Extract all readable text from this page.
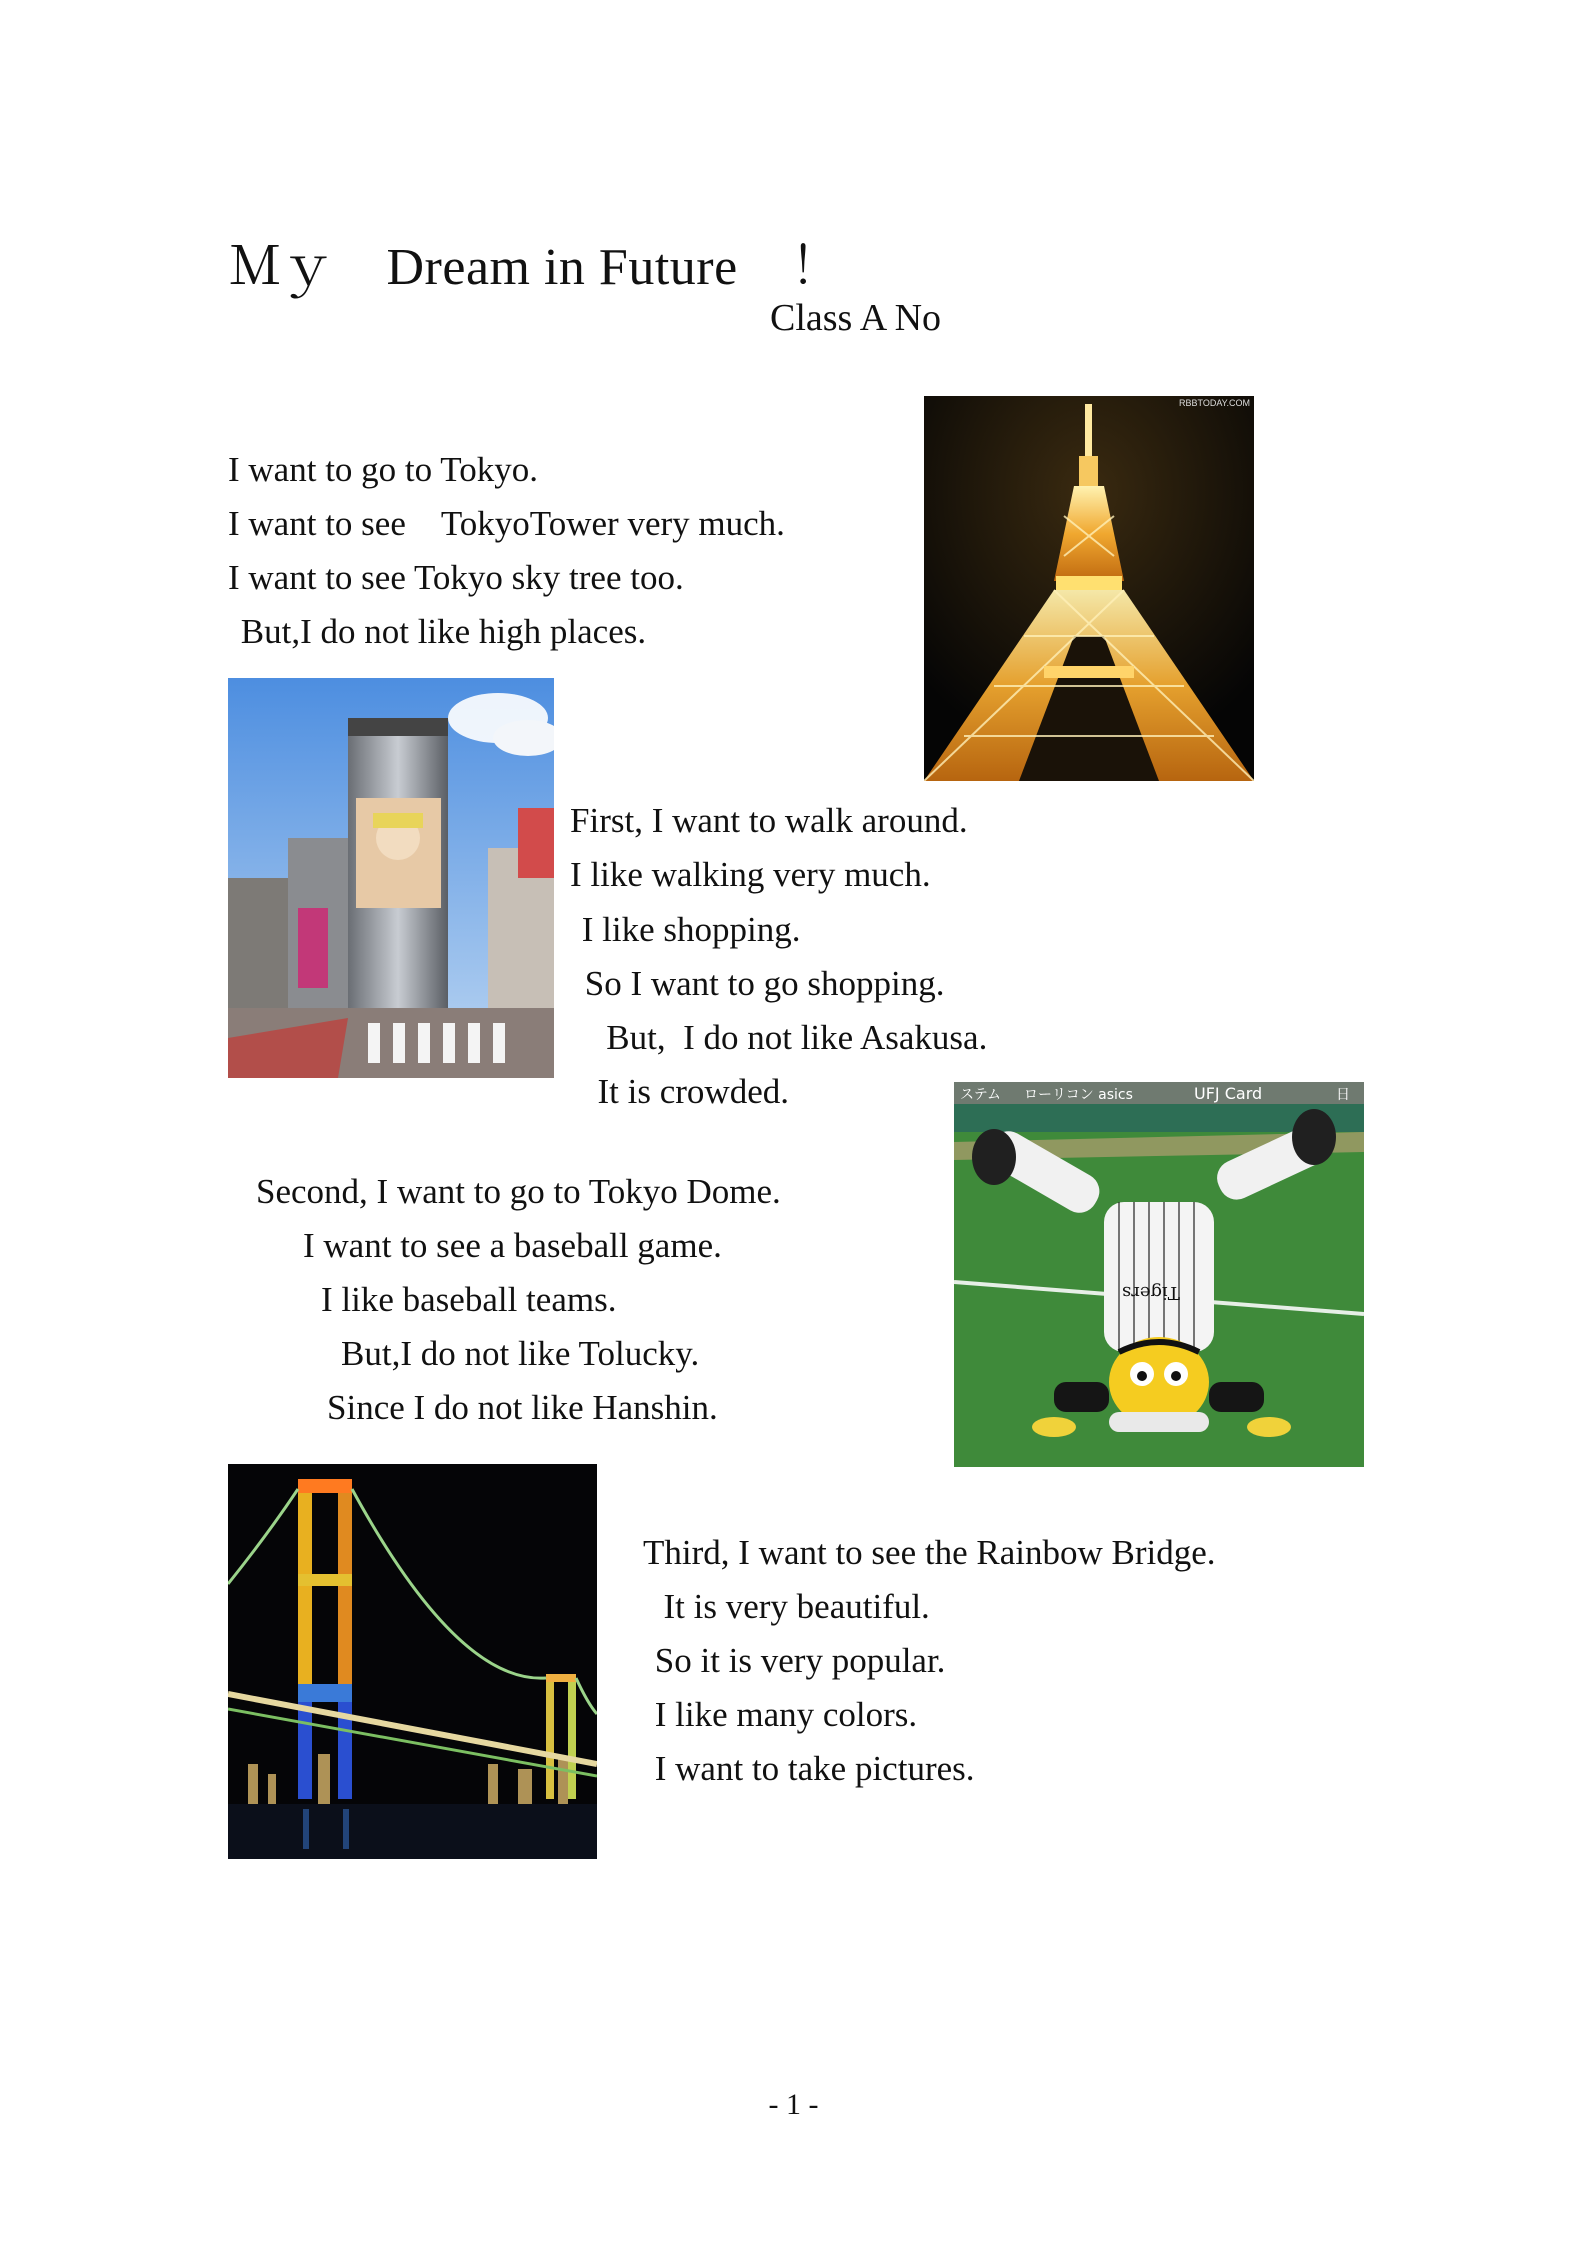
Ｍｙ　Dream in Future　！
Class A No
I want to go to Tokyo.
I want to see　TokyoTower very much.
I want to see Tokyo sky tree too.
But,I do not like high places.
RBBTODAY.COM
First, I want to walk around.
I like walking very much.
I like shopping.
So I want to go shopping.
But,  I do not like Asakusa.
It is crowded.	ステム ローリコン asics	UFJ Card	日
Tigers
Second, I want to go to Tokyo Dome.
I want to see a baseball game.
I like baseball teams.
But,I do not like Tolucky.
Since I do not like Hanshin.
Third, I want to see the Rainbow Bridge.
It is very beautiful.
So it is very popular.
I like many colors.
I want to take pictures.
- 1 -
